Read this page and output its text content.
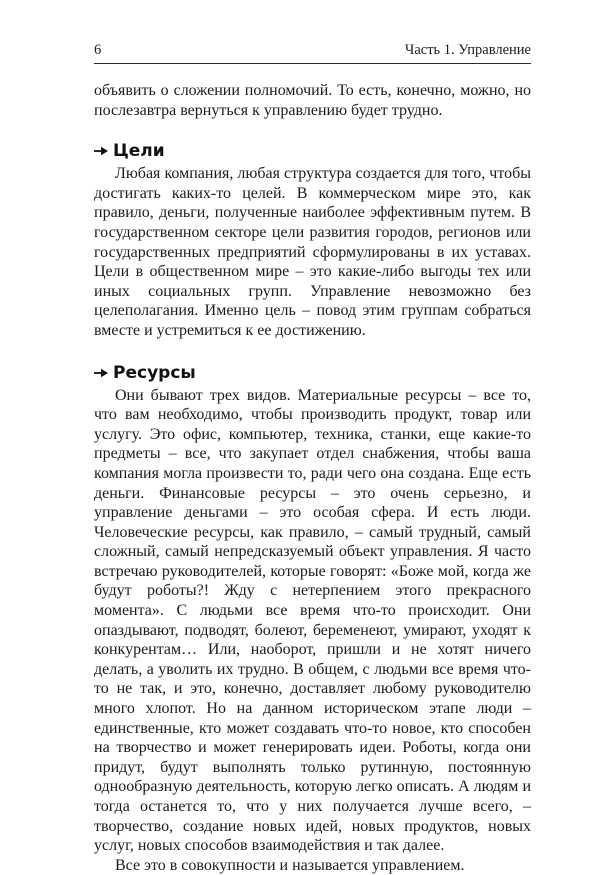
6	Часть 1. Управление

объявить о сложении полномочий. То есть, конечно, можно, но послезавтра вернуться к управлению будет трудно.

Цели

Любая компания, любая структура создается для того, чтобы достигать каких-то целей. В коммерческом мире это, как правило, деньги, полученные наиболее эффективным путем. В государственном секторе цели развития городов, регионов или государственных предприятий сформулированы в их уставах. Цели в общественном мире – это какие-либо выгоды тех или иных социальных групп. Управление невозможно без целеполагания. Именно цель – повод этим группам собраться вместе и устремиться к ее достижению.

Ресурсы

Они бывают трех видов. Материальные ресурсы – все то, что вам необходимо, чтобы производить продукт, товар или услугу. Это офис, компьютер, техника, станки, еще какие-то предметы – все, что закупает отдел снабжения, чтобы ваша компания могла произвести то, ради чего она создана. Еще есть деньги. Финансовые ресурсы – это очень серьезно, и управление деньгами – это особая сфера. И есть люди. Человеческие ресурсы, как правило, – самый трудный, самый сложный, самый непредсказуемый объект управления. Я часто встречаю руководителей, которые говорят: «Боже мой, когда же будут роботы?! Жду с нетерпением этого прекрасного момента». С людьми все время что-то происходит. Они опаздывают, подводят, болеют, беременеют, умирают, уходят к конкурентам… Или, наоборот, пришли и не хотят ничего делать, а уволить их трудно. В общем, с людьми все время что-то не так, и это, конечно, доставляет любому руководителю много хлопот. Но на данном историческом этапе люди – единственные, кто может создавать что-то новое, кто способен на творчество и может генерировать идеи. Роботы, когда они придут, будут выполнять только рутинную, постоянную однообразную деятельность, которую легко описать. А людям и тогда останется то, что у них получается лучше всего, – творчество, создание новых идей, новых продуктов, новых услуг, новых способов взаимодействия и так далее.

Все это в совокупности и называется управлением.
